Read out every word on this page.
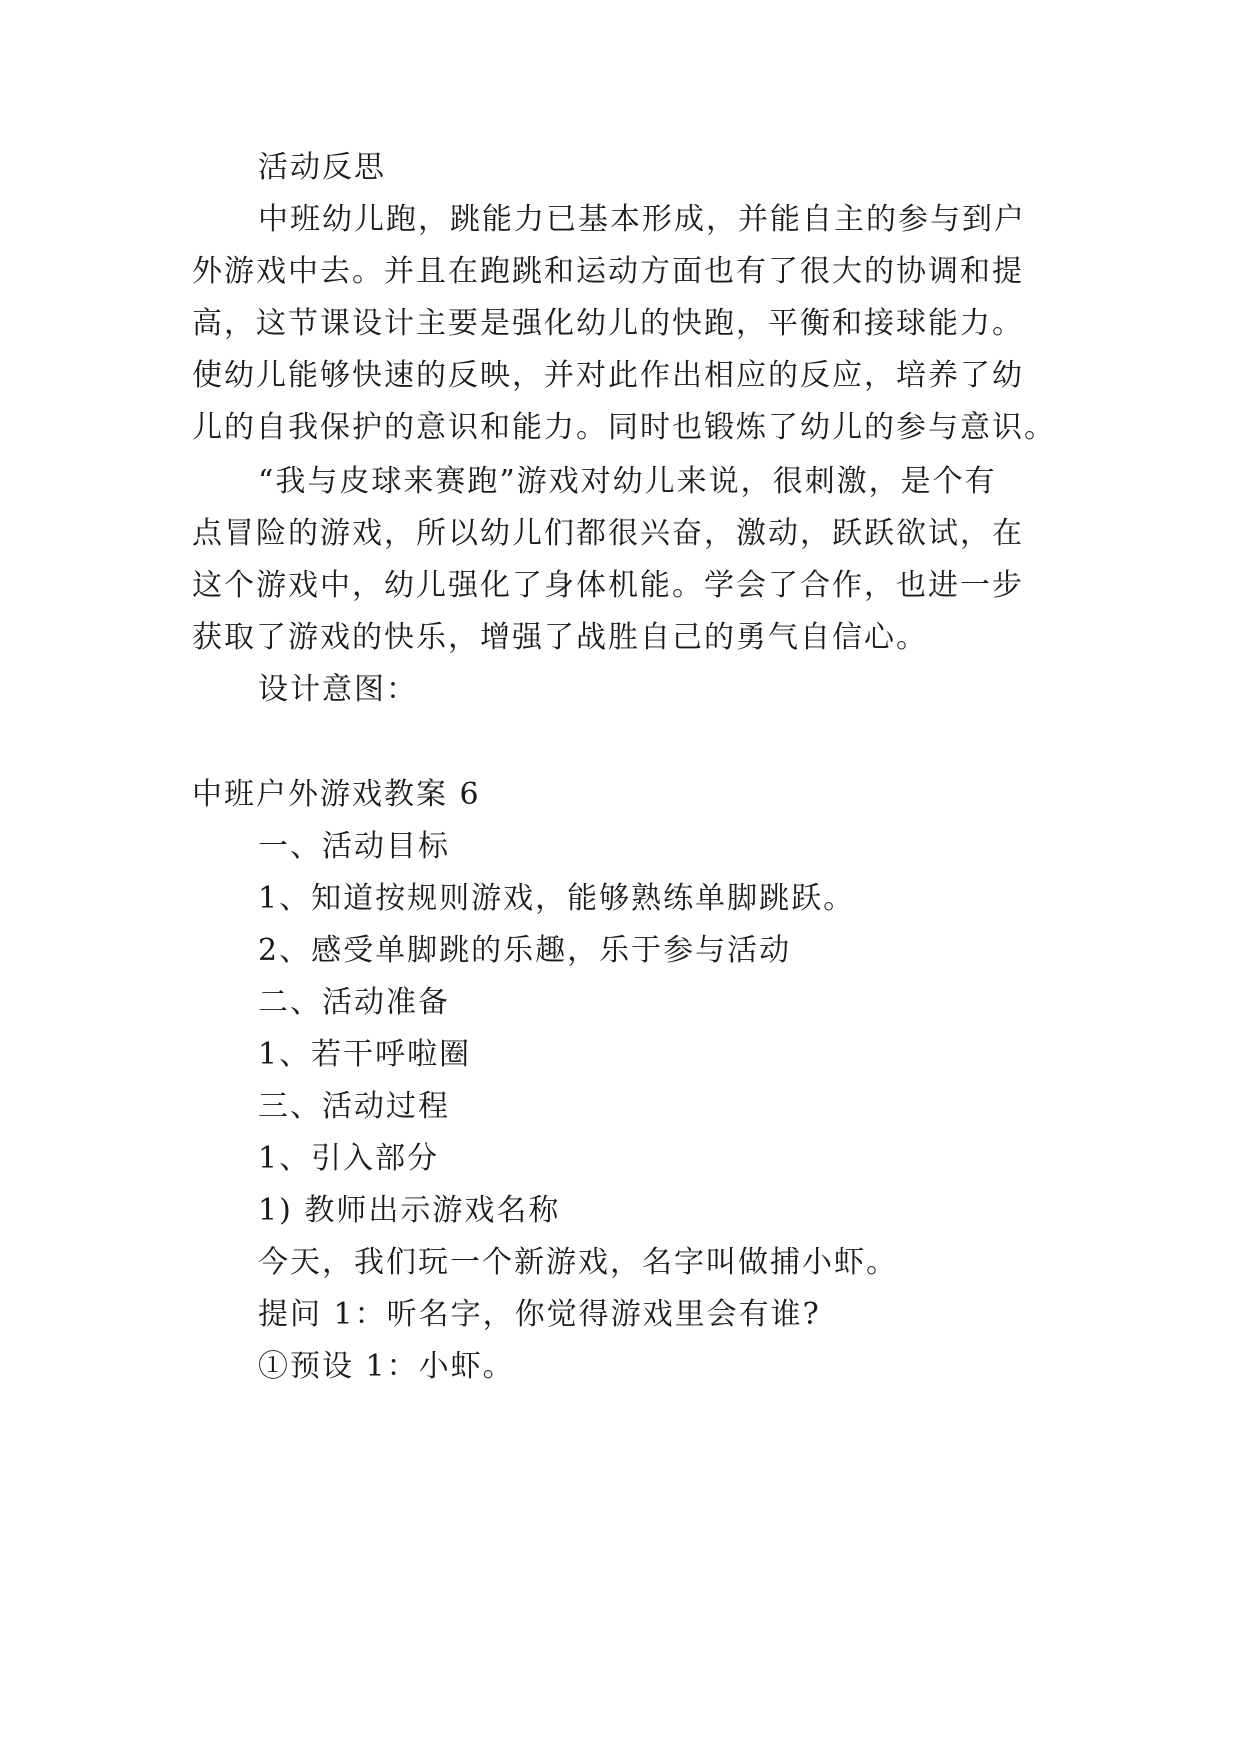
活动反思
中班幼儿跑，跳能力已基本形成，并能自主的参与到户
外游戏中去。并且在跑跳和运动方面也有了很大的协调和提
高，这节课设计主要是强化幼儿的快跑，平衡和接球能力。
使幼儿能够快速的反映，并对此作出相应的反应，培养了幼
儿的自我保护的意识和能力。同时也锻炼了幼儿的参与意识。
“我与皮球来赛跑”游戏对幼儿来说，很刺激，是个有
点冒险的游戏，所以幼儿们都很兴奋，激动，跃跃欲试，在
这个游戏中，幼儿强化了身体机能。学会了合作，也进一步
获取了游戏的快乐，增强了战胜自己的勇气自信心。
设计意图：
中班户外游戏教案 6
一、活动目标
1、知道按规则游戏，能够熟练单脚跳跃。
2、感受单脚跳的乐趣，乐于参与活动
二、活动准备
1、若干呼啦圈
三、活动过程
1、引入部分
1) 教师出示游戏名称
今天，我们玩一个新游戏，名字叫做捕小虾。
提问 1：听名字，你觉得游戏里会有谁?
①预设 1：小虾。
